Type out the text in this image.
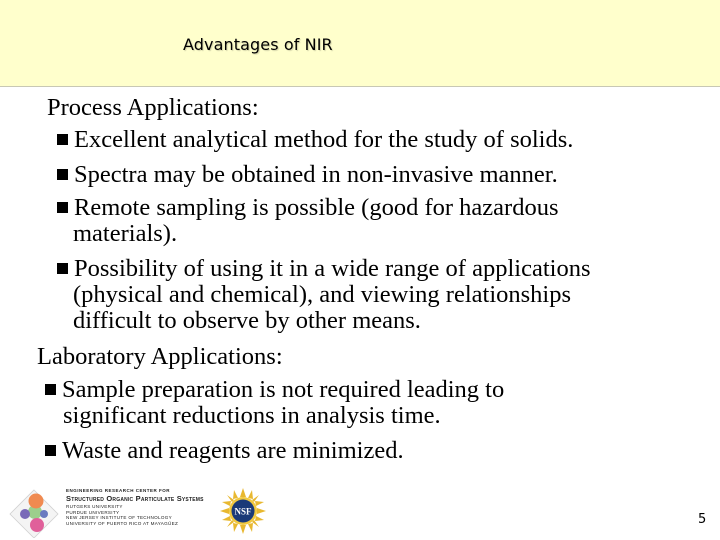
Advantages of NIR
Process Applications:
Excellent analytical method for the study of solids.
Spectra may be obtained in non-invasive manner.
Remote sampling is possible (good for hazardous
materials).
Possibility of using it in a wide range of applications
(physical and chemical), and viewing relationships
difficult to observe by other means.
Laboratory Applications:
Sample preparation is not required leading to
significant reductions in analysis time.
Waste and reagents are minimized.
ENGINEERING RESEARCH CENTER FOR
Structured Organic Particulate Systems
RUTGERS UNIVERSITY
PURDUE UNIVERSITY
NEW JERSEY INSTITUTE OF TECHNOLOGY
UNIVERSITY OF PUERTO RICO AT MAYAGÜEZ
NSF
5
